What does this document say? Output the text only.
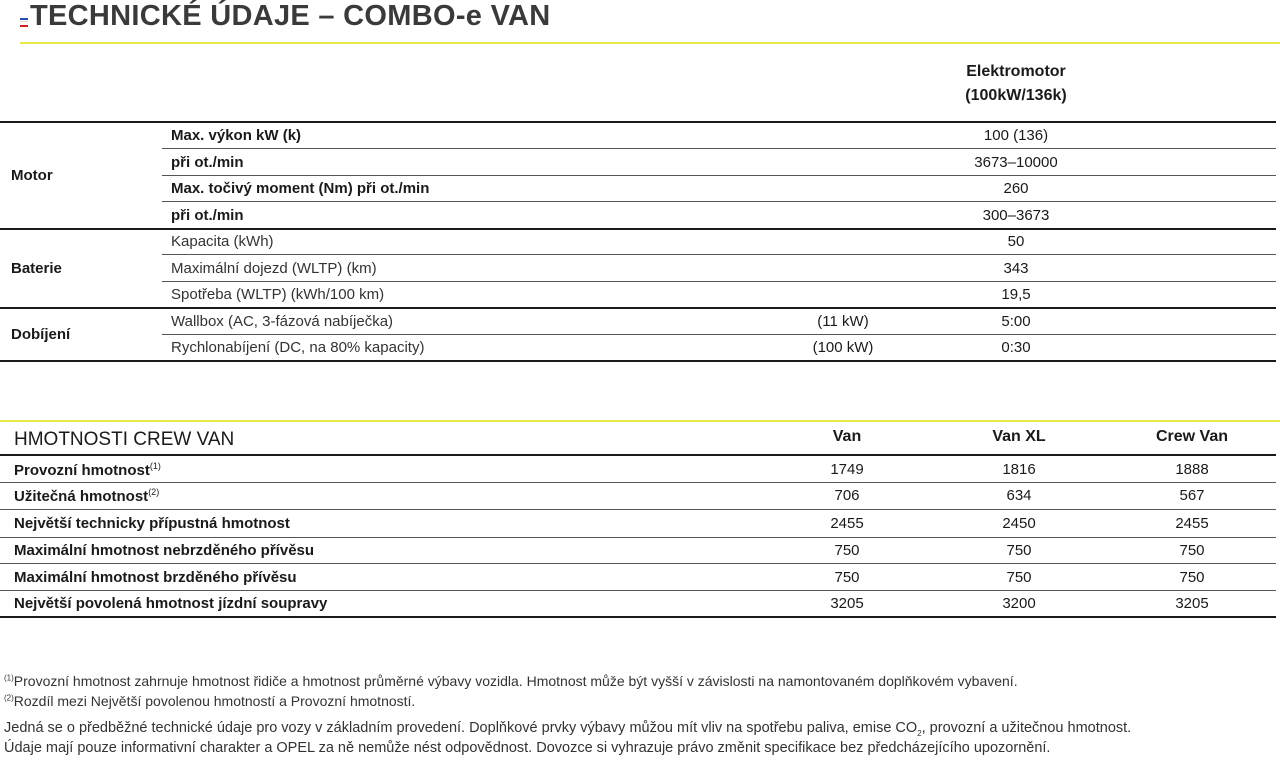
TECHNICKÉ ÚDAJE – COMBO-e VAN
Elektromotor
(100kW/136k)
Motor
Max. výkon kW (k)	100 (136)
při ot./min	3673–10000
Max. točivý moment (Nm) při ot./min	260
při ot./min	300–3673
Baterie
Kapacita (kWh)	50
Maximální dojezd (WLTP) (km)	343
Spotřeba (WLTP) (kWh/100 km)	19,5
Dobíjení
Wallbox (AC, 3-fázová nabíječka)	(11 kW)	5:00
Rychlonabíjení (DC, na 80% kapacity)	(100 kW)	0:30
HMOTNOSTI CREW VAN	Van	Van XL	Crew Van
Provozní hmotnost$^{(1)}$	1749	1816	1888
Užitečná hmotnost$^{(2)}$	706	634	567
Největší technicky přípustná hmotnost	2455	2450	2455
Maximální hmotnost nebrzděného přívěsu	750	750	750
Maximální hmotnost brzděného přívěsu	750	750	750
Největší povolená hmotnost jízdní soupravy	3205	3200	3205
$^{(1)}$Provozní hmotnost zahrnuje hmotnost řidiče a hmotnost průměrné výbavy vozidla. Hmotnost může být vyšší v závislosti na namontovaném doplňkovém vybavení.
$^{(2)}$Rozdíl mezi Největší povolenou hmotností a Provozní hmotností.
Jedná se o předběžné technické údaje pro vozy v základním provedení. Doplňkové prvky výbavy můžou mít vliv na spotřebu paliva, emise $CO_2$, provozní a užitečnou hmotnost.
Údaje mají pouze informativní charakter a OPEL za ně nemůže nést odpovědnost. Dovozce si vyhrazuje právo změnit specifikace bez předcházejícího upozornění.
